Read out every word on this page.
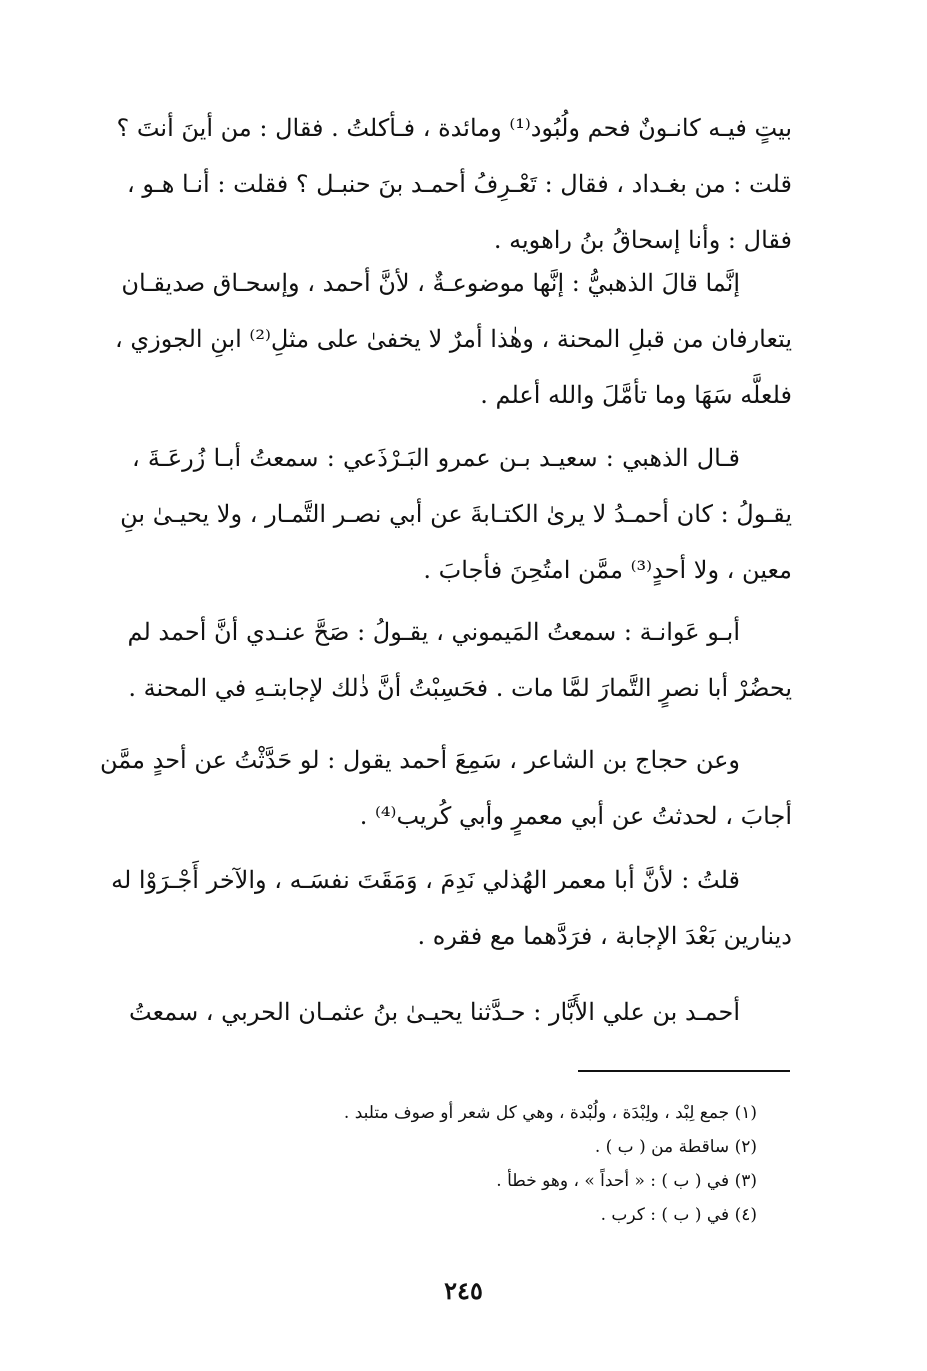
بيتٍ فيـه كانـونٌ فحم ولُبُود⁽¹⁾ ومائدة ، فـأكلتُ . فقال : من أينَ أنتَ ؟
قلت : من بغـداد ، فقال : تَعْـرِفُ أحمـد بنَ حنبـل ؟ فقلت : أنـا هـو ،
فقال : وأنا إسحاقُ بنُ راهويه .
إنَّما قالَ الذهبيُّ : إنَّها موضوعـةٌ ، لأنَّ أحمد ، وإسحـاق صديقـان
يتعارفان من قبلِ المحنة ، وهٰذا أمرٌ لا يخفىٰ على مثلِ⁽²⁾ ابنِ الجوزي ،
فلعلَّه سَهَا وما تأمَّلَ والله أعلم .
قـال الذهبي : سعيـد بـن عمرو البَـرْذَعي : سمعتُ أبـا زُرعَـةَ ،
يقـولُ : كان أحمـدُ لا يرىٰ الكتـابةَ عن أبي نصـر التَّمـار ، ولا يحيـىٰ بنِ
معين ، ولا أحدٍ⁽³⁾ ممَّن امتُحِنَ فأجابَ .
أبـو عَوانـة : سمعتُ المَيموني ، يقـولُ : صَحَّ عنـدي أنَّ أحمد لم
يحضُرْ أبا نصرٍ التَّمارَ لمَّا مات . فحَسِبْتُ أنَّ ذٰلك لإجابتـهِ في المحنة .
وعن حجاج بن الشاعر ، سَمِعَ أحمد يقول : لو حَدَّثْتُ عن أحدٍ ممَّن
أجابَ ، لحدثتُ عن أبي معمرٍ وأبي كُريب⁽⁴⁾ .
قلتُ : لأنَّ أبا معمر الهُذلي نَدِمَ ، وَمَقَتَ نفسَـه ، والآخر أَجْـرَوْا له
دينارين بَعْدَ الإجابة ، فرَدَّهما مع فقره .
أحمـد بن علي الأَبَّار : حـدَّثنا يحيـىٰ بنُ عثمـان الحربي ، سمعتُ
(١) جمع لِبْد ، ولِبْدَة ، ولُبْدة ، وهي كل شعر أو صوف متلبد .
(٢) ساقطة من ( ب ) .
(٣) في ( ب ) : « أحداً » ، وهو خطأ .
(٤) في ( ب ) : كرب .
٢٤٥
